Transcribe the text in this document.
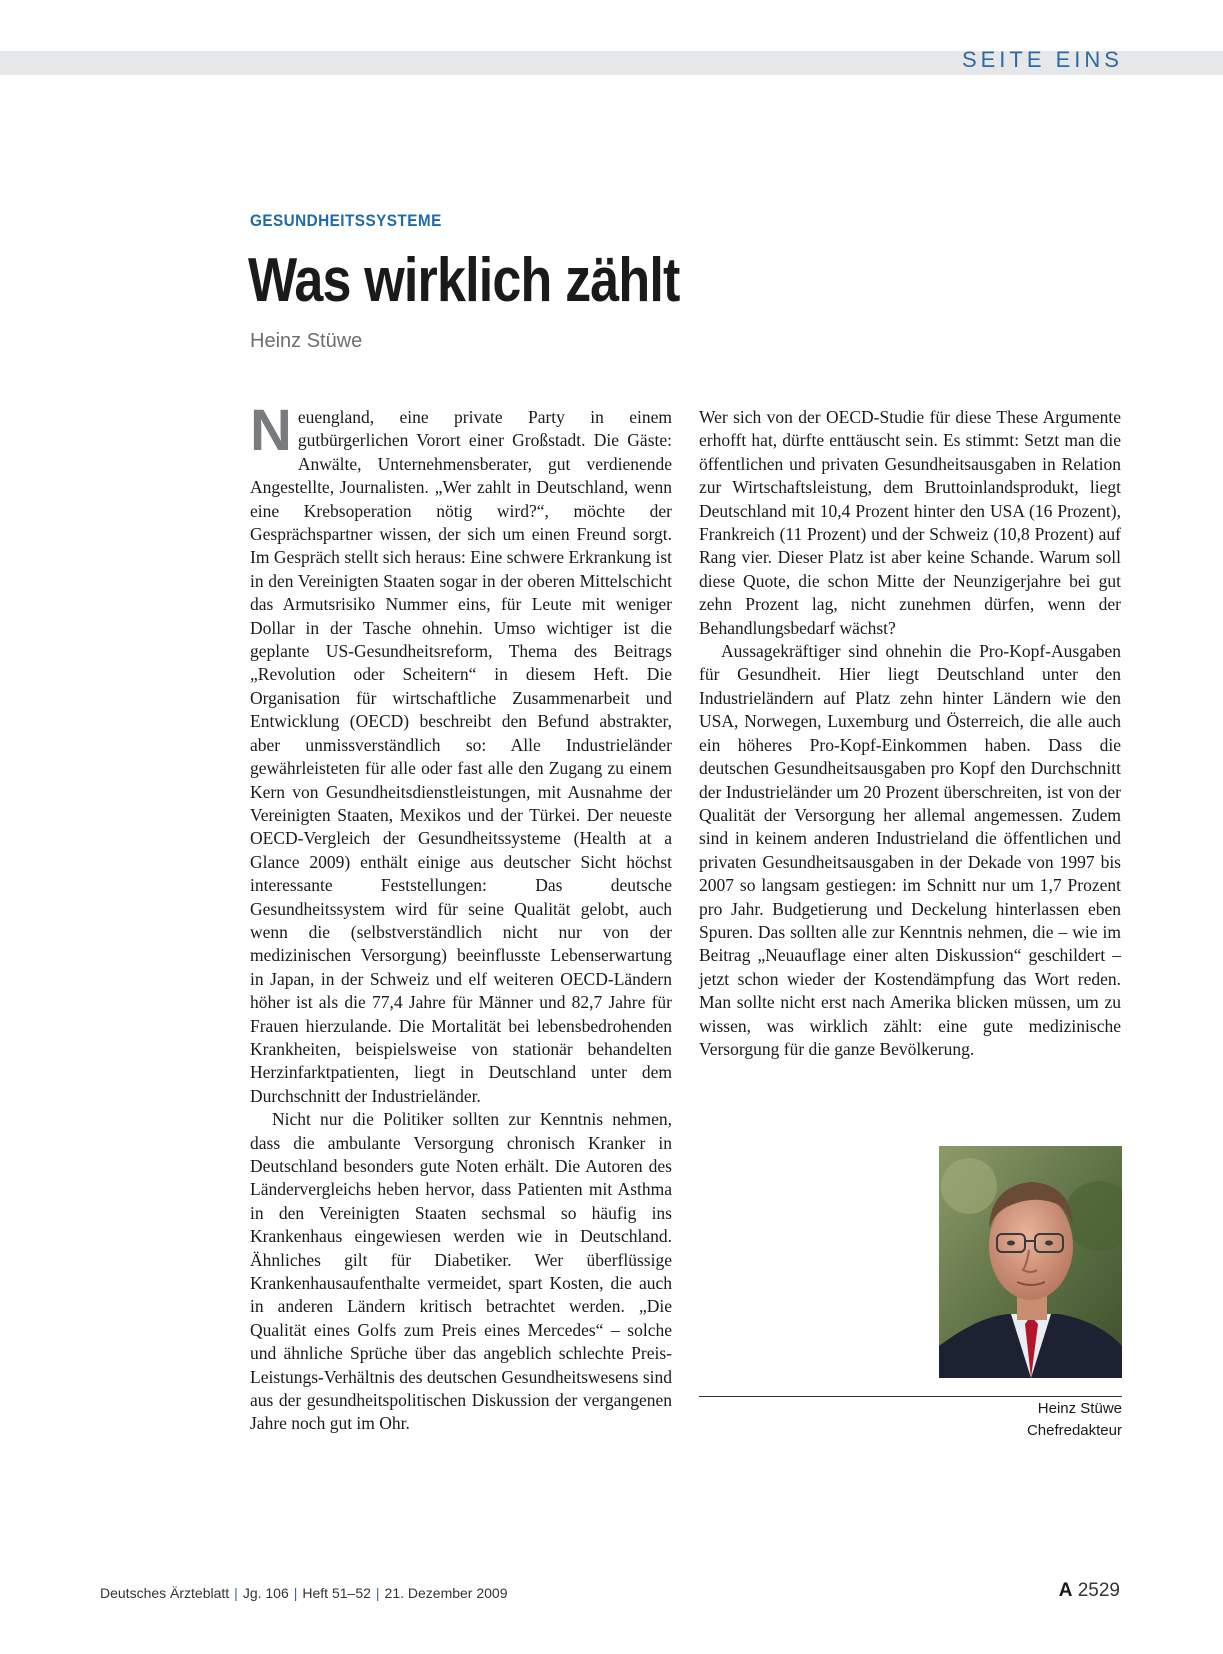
SEITE EINS
GESUNDHEITSSYSTEME
Was wirklich zählt
Heinz Stüwe

Neuengland, eine private Party in einem gutbürgerlichen Vorort einer Großstadt. Die Gäste: Anwälte, Unternehmensberater, gut verdienende Angestellte, Journalisten. „Wer zahlt in Deutschland, wenn eine Krebsoperation nötig wird?“, möchte der Gesprächspartner wissen, der sich um einen Freund sorgt. Im Gespräch stellt sich heraus: Eine schwere Erkrankung ist in den Vereinigten Staaten sogar in der oberen Mittelschicht das Armutsrisiko Nummer eins, für Leute mit weniger Dollar in der Tasche ohnehin. Umso wichtiger ist die geplante US-Gesundheitsreform, Thema des Beitrags „Revolution oder Scheitern“ in diesem Heft. Die Organisation für wirtschaftliche Zusammenarbeit und Entwicklung (OECD) beschreibt den Befund abstrakter, aber unmissverständlich so: Alle Industrieländer gewährleisteten für alle oder fast alle den Zugang zu einem Kern von Gesundheitsdienstleistungen, mit Ausnahme der Vereinigten Staaten, Mexikos und der Türkei. Der neueste OECD-Vergleich der Gesundheitssysteme (Health at a Glance 2009) enthält einige aus deutscher Sicht höchst interessante Feststellungen: Das deutsche Gesundheitssystem wird für seine Qualität gelobt, auch wenn die (selbstverständlich nicht nur von der medizinischen Versorgung) beeinflusste Lebenserwartung in Japan, in der Schweiz und elf weiteren OECD-Ländern höher ist als die 77,4 Jahre für Männer und 82,7 Jahre für Frauen hierzulande. Die Mortalität bei lebensbedrohenden Krankheiten, beispielsweise von stationär behandelten Herzinfarktpatienten, liegt in Deutschland unter dem Durchschnitt der Industrieländer.

Nicht nur die Politiker sollten zur Kenntnis nehmen, dass die ambulante Versorgung chronisch Kranker in Deutschland besonders gute Noten erhält. Die Autoren des Ländervergleichs heben hervor, dass Patienten mit Asthma in den Vereinigten Staaten sechsmal so häufig ins Krankenhaus eingewiesen werden wie in Deutschland. Ähnliches gilt für Diabetiker. Wer überflüssige Krankenhausaufenthalte vermeidet, spart Kosten, die auch in anderen Ländern kritisch betrachtet werden. „Die Qualität eines Golfs zum Preis eines Mercedes“ – solche und ähnliche Sprüche über das angeblich schlechte Preis-Leistungs-Verhältnis des deutschen Gesundheitswesens sind aus der gesundheitspolitischen Diskussion der vergangenen Jahre noch gut im Ohr.

Wer sich von der OECD-Studie für diese These Argumente erhofft hat, dürfte enttäuscht sein. Es stimmt: Setzt man die öffentlichen und privaten Gesundheitsausgaben in Relation zur Wirtschaftsleistung, dem Bruttoinlandsprodukt, liegt Deutschland mit 10,4 Prozent hinter den USA (16 Prozent), Frankreich (11 Prozent) und der Schweiz (10,8 Prozent) auf Rang vier. Dieser Platz ist aber keine Schande. Warum soll diese Quote, die schon Mitte der Neunzigerjahre bei gut zehn Prozent lag, nicht zunehmen dürfen, wenn der Behandlungsbedarf wächst?

Aussagekräftiger sind ohnehin die Pro-Kopf-Ausgaben für Gesundheit. Hier liegt Deutschland unter den Industrieländern auf Platz zehn hinter Ländern wie den USA, Norwegen, Luxemburg und Österreich, die alle auch ein höheres Pro-Kopf-Einkommen haben. Dass die deutschen Gesundheitsausgaben pro Kopf den Durchschnitt der Industrieländer um 20 Prozent überschreiten, ist von der Qualität der Versorgung her allemal angemessen. Zudem sind in keinem anderen Industrieland die öffentlichen und privaten Gesundheitsausgaben in der Dekade von 1997 bis 2007 so langsam gestiegen: im Schnitt nur um 1,7 Prozent pro Jahr. Budgetierung und Deckelung hinterlassen eben Spuren. Das sollten alle zur Kenntnis nehmen, die – wie im Beitrag „Neuauflage einer alten Diskussion“ geschildert – jetzt schon wieder der Kostendämpfung das Wort reden. Man sollte nicht erst nach Amerika blicken müssen, um zu wissen, was wirklich zählt: eine gute medizinische Versorgung für die ganze Bevölkerung.

Heinz Stüwe
Chefredakteur
Deutsches Ärzteblatt | Jg. 106 | Heft 51–52 | 21. Dezember 2009	A 2529
